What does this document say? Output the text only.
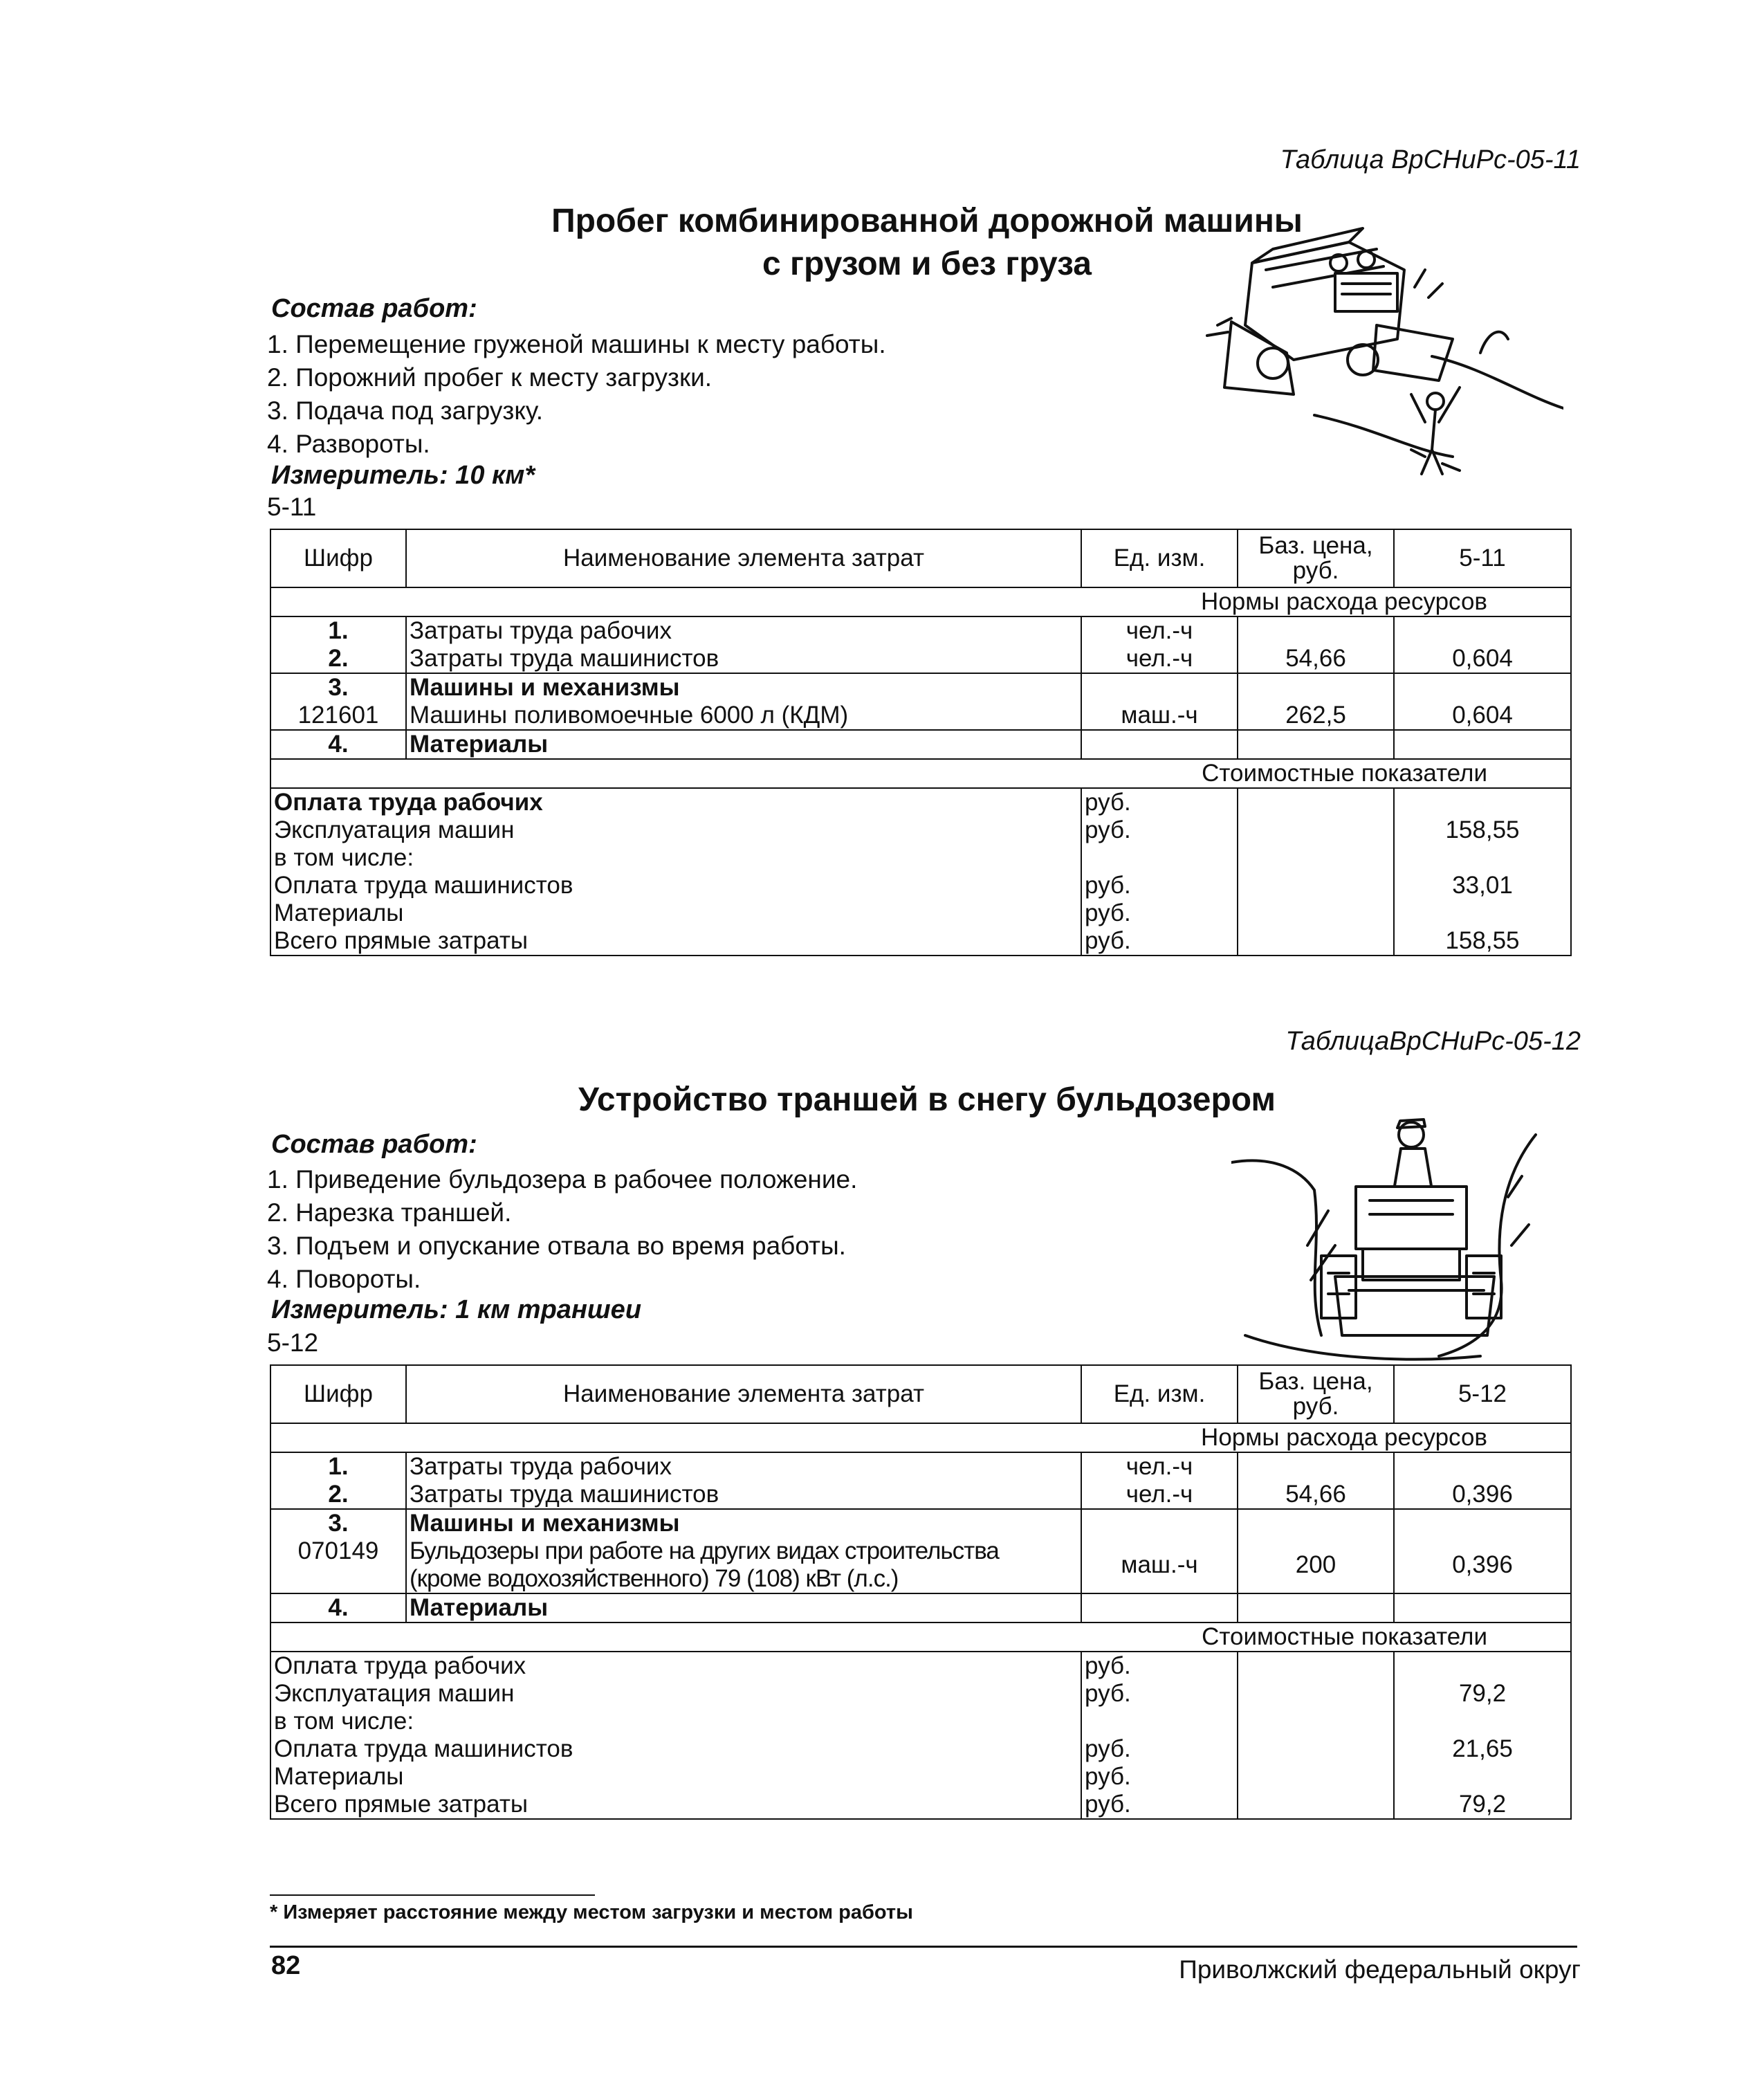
Таблица ВрСНиРс-05-11
Пробег комбинированной дорожной машины
с грузом и без груза
Состав работ:
1. Перемещение груженой машины к месту работы.
2. Порожний пробег к месту загрузки.
3. Подача под загрузку.
4. Развороты.
Измеритель: 10 км*
5-11
Шифр	Наименование элемента затрат	Ед. изм.	Баз. цена, руб.	5-11
Нормы расхода ресурсов				
1.	Затраты труда рабочих	чел.-ч		
2.	Затраты труда машинистов	чел.-ч	54,66	0,604
3.	Машины и механизмы			
121601	Машины поливомоечные 6000 л (КДМ)	маш.-ч	262,5	0,604
4.	Материалы			
Стоимостные показатели				
Оплата труда рабочих		руб.		
Эксплуатация машин		руб.		158,55
в том числе:				
Оплата труда машинистов		руб.		33,01
Материалы		руб.		
Всего прямые затраты		руб.		158,55
ТаблицаВрСНиРс-05-12
Устройство траншей в снегу бульдозером
Состав работ:
1. Приведение бульдозера в рабочее положение.
2. Нарезка траншей.
3. Подъем и опускание отвала во время работы.
4. Повороты.
Измеритель: 1 км траншеи
5-12
Шифр	Наименование элемента затрат	Ед. изм.	Баз. цена, руб.	5-12
Нормы расхода ресурсов				
1.	Затраты труда рабочих	чел.-ч		
2.	Затраты труда машинистов	чел.-ч	54,66	0,396
3.	Машины и механизмы			
070149	Бульдозеры при работе на других видах строительства
(кроме водохозяйственного) 79 (108) кВт (л.с.)	маш.-ч	200	0,396
4.	Материалы			
Стоимостные показатели				
Оплата труда рабочих		руб.		
Эксплуатация машин		руб.		79,2
в том числе:				
Оплата труда машинистов		руб.		21,65
Материалы		руб.		
Всего прямые затраты		руб.		79,2
* Измеряет расстояние между местом загрузки и местом работы
82	Приволжский федеральный округ
